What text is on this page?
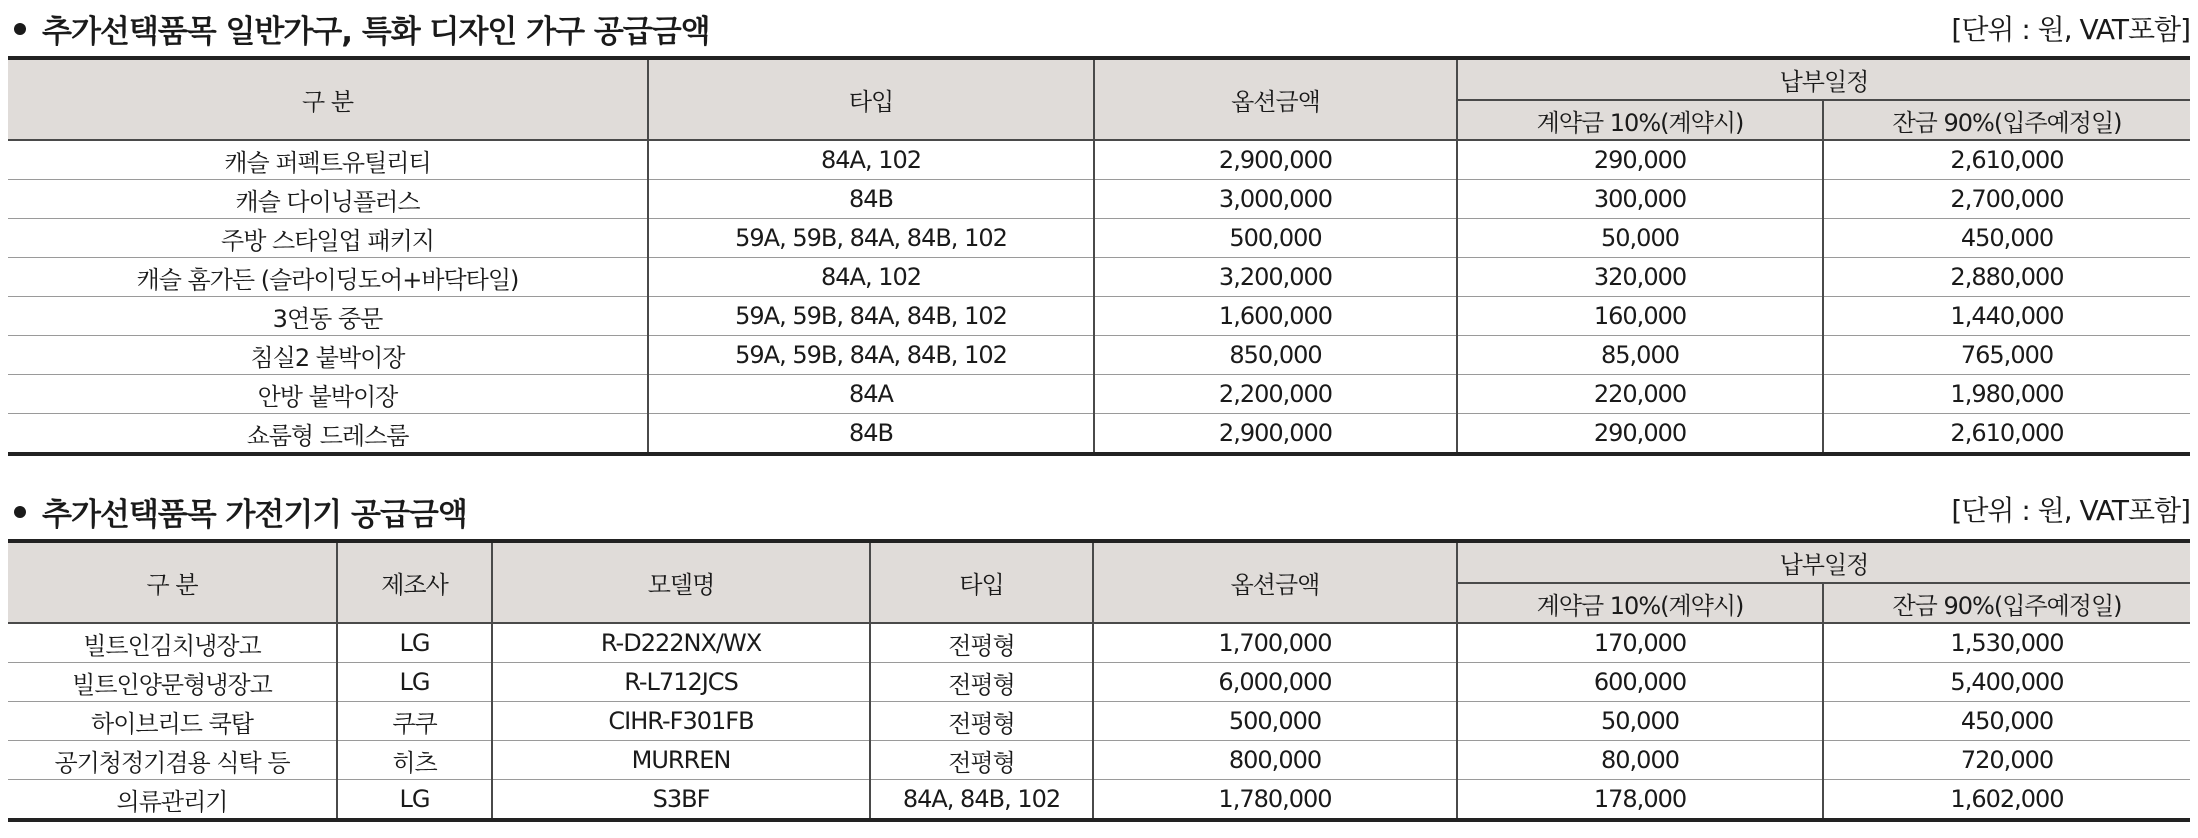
추가선택품목 일반가구, 특화 디자인 가구 공급금액	[단위 : 원, VAT포함]
구 분	타입	옵션금액	납부일정	
			계약금 10%(계약시)	잔금 90%(입주예정일)
캐슬 퍼펙트유틸리티	84A, 102	2,900,000	290,000	2,610,000
캐슬 다이닝플러스	84B	3,000,000	300,000	2,700,000
주방 스타일업 패키지	59A, 59B, 84A, 84B, 102	500,000	50,000	450,000
캐슬 홈가든 (슬라이딩도어+바닥타일)	84A, 102	3,200,000	320,000	2,880,000
3연동 중문	59A, 59B, 84A, 84B, 102	1,600,000	160,000	1,440,000
침실2 붙박이장	59A, 59B, 84A, 84B, 102	850,000	85,000	765,000
안방 붙박이장	84A	2,200,000	220,000	1,980,000
쇼룸형 드레스룸	84B	2,900,000	290,000	2,610,000
추가선택품목 가전기기 공급금액	[단위 : 원, VAT포함]
구 분	제조사	모델명	타입	옵션금액	납부일정	
					계약금 10%(계약시)	잔금 90%(입주예정일)
빌트인김치냉장고	LG	R-D222NX/WX	전평형	1,700,000	170,000	1,530,000
빌트인양문형냉장고	LG	R-L712JCS	전평형	6,000,000	600,000	5,400,000
하이브리드 쿡탑	쿠쿠	CIHR-F301FB	전평형	500,000	50,000	450,000
공기청정기겸용 식탁 등	히츠	MURREN	전평형	800,000	80,000	720,000
의류관리기	LG	S3BF	84A, 84B, 102	1,780,000	178,000	1,602,000
